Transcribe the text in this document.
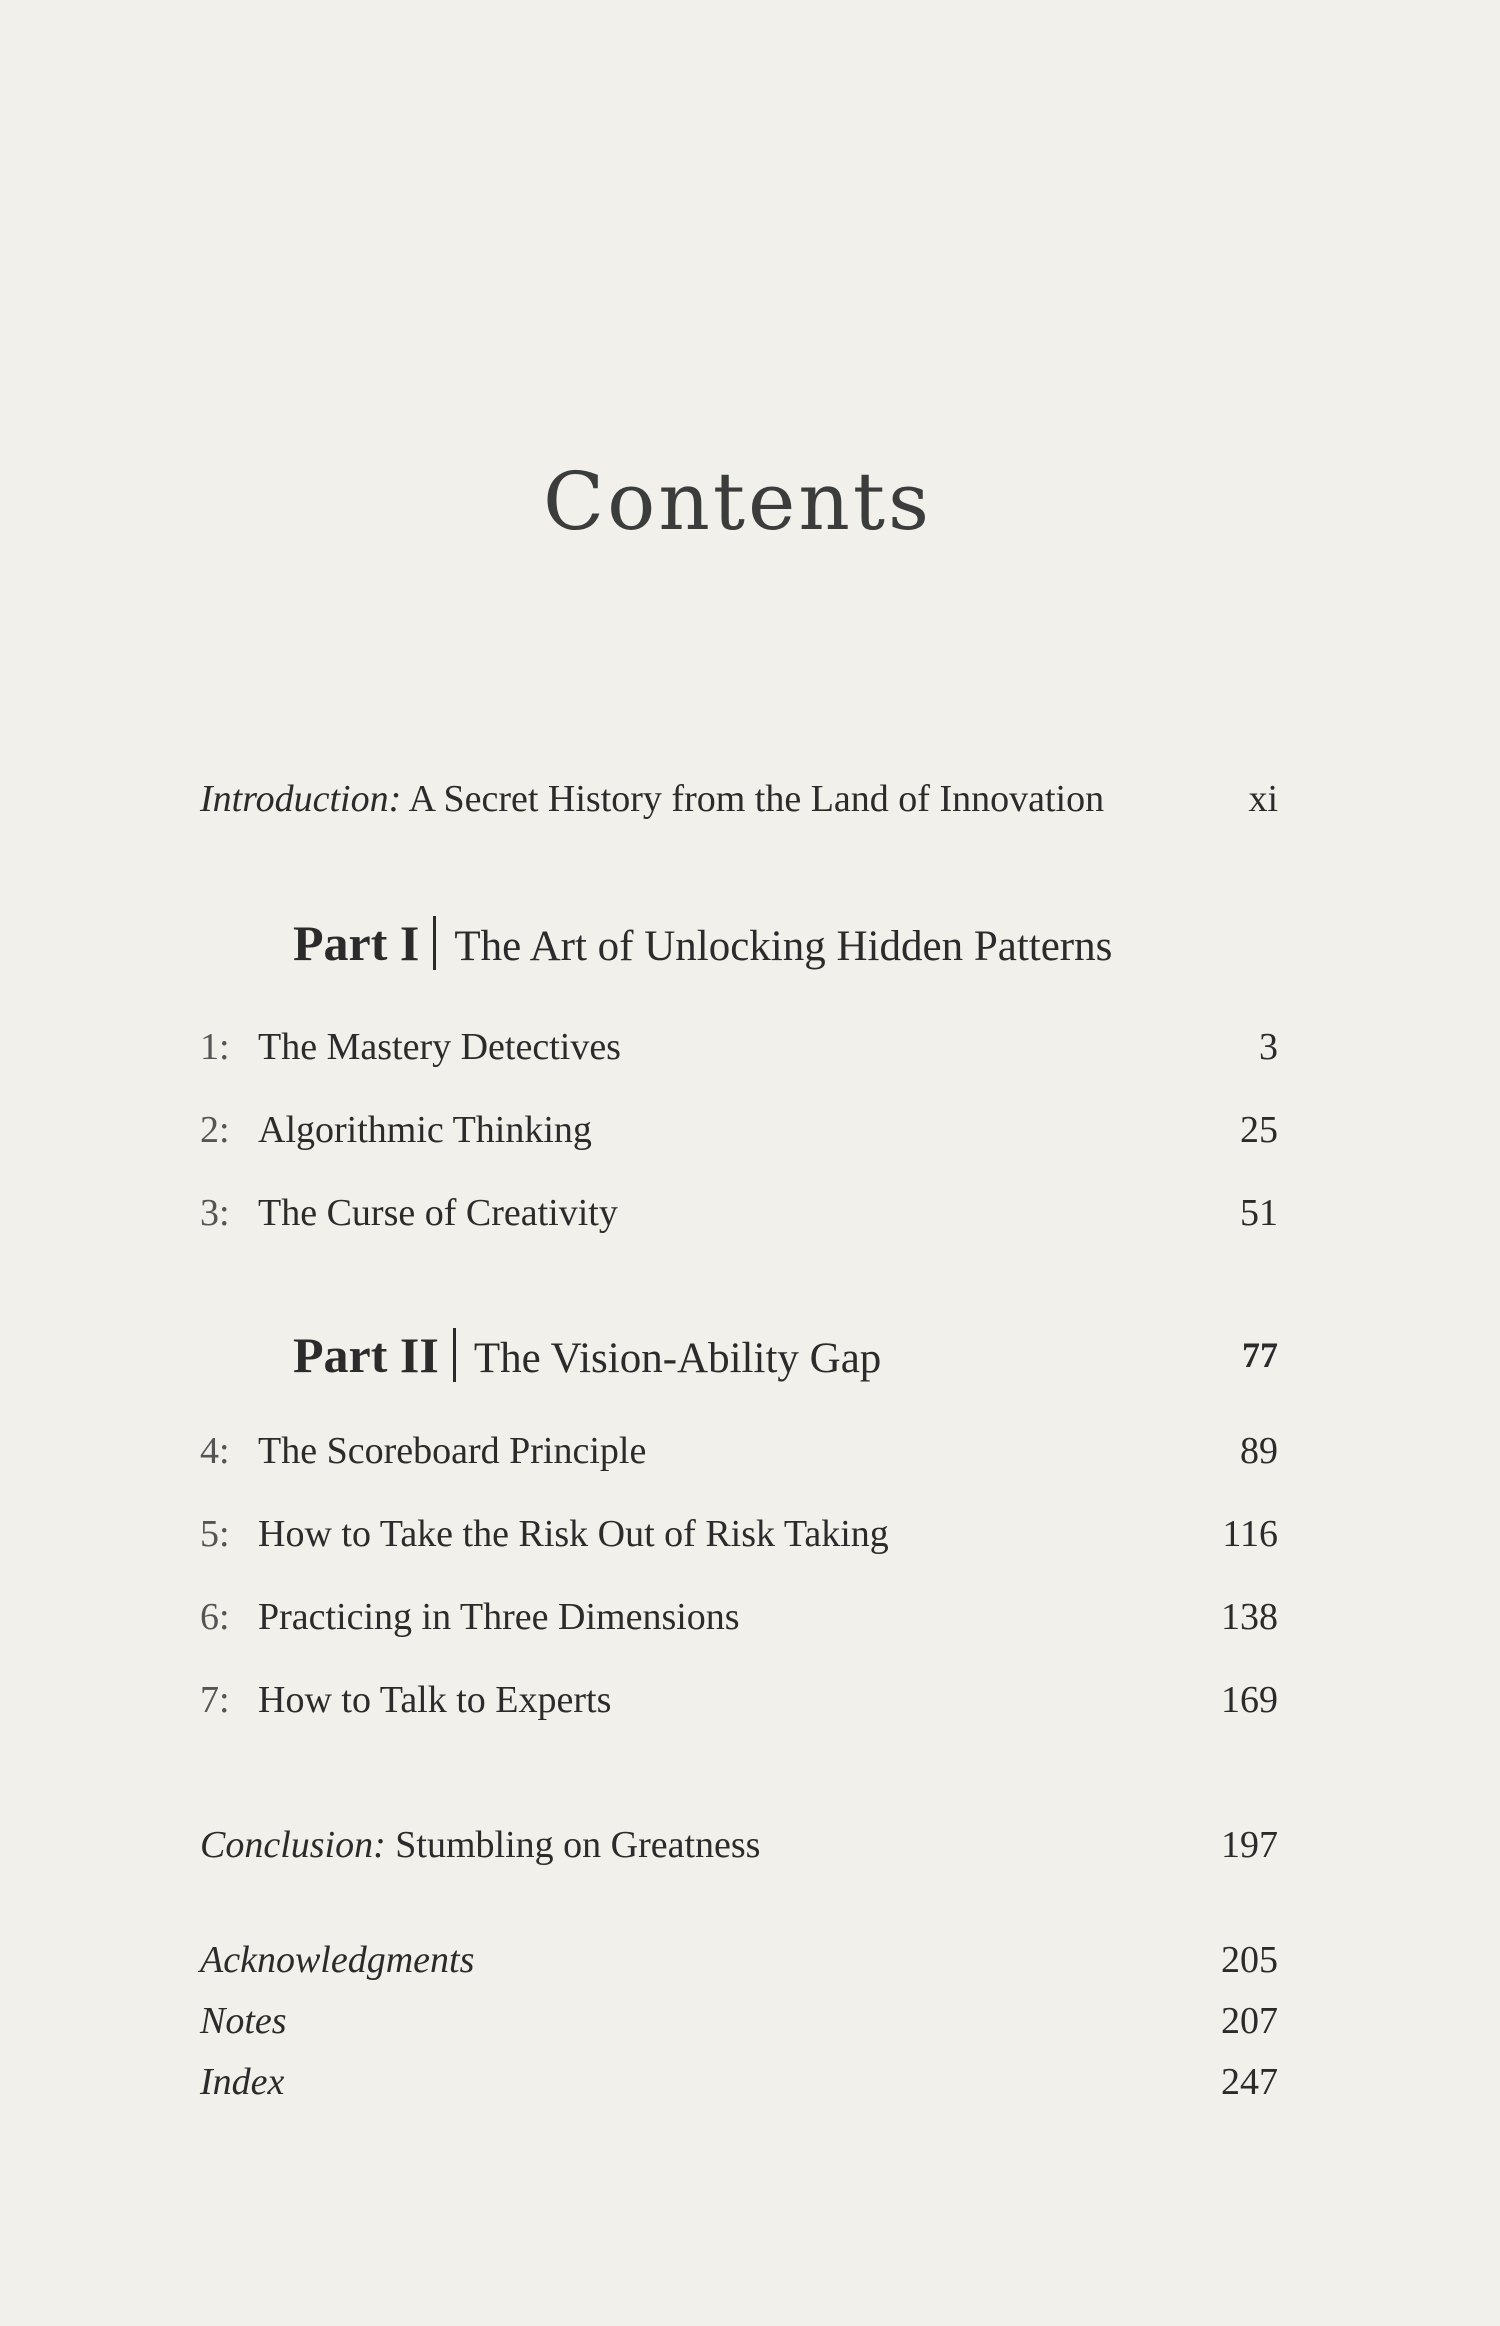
Contents
Introduction: A Secret History from the Land of Innovation	xi
Part I The Art of Unlocking Hidden Patterns
1: The Mastery Detectives	3
2: Algorithmic Thinking	25
3: The Curse of Creativity	51
Part II The Vision-Ability Gap	77
4: The Scoreboard Principle	89
5: How to Take the Risk Out of Risk Taking	116
6: Practicing in Three Dimensions	138
7: How to Talk to Experts	169
Conclusion: Stumbling on Greatness	197
Acknowledgments	205
Notes	207
Index	247
